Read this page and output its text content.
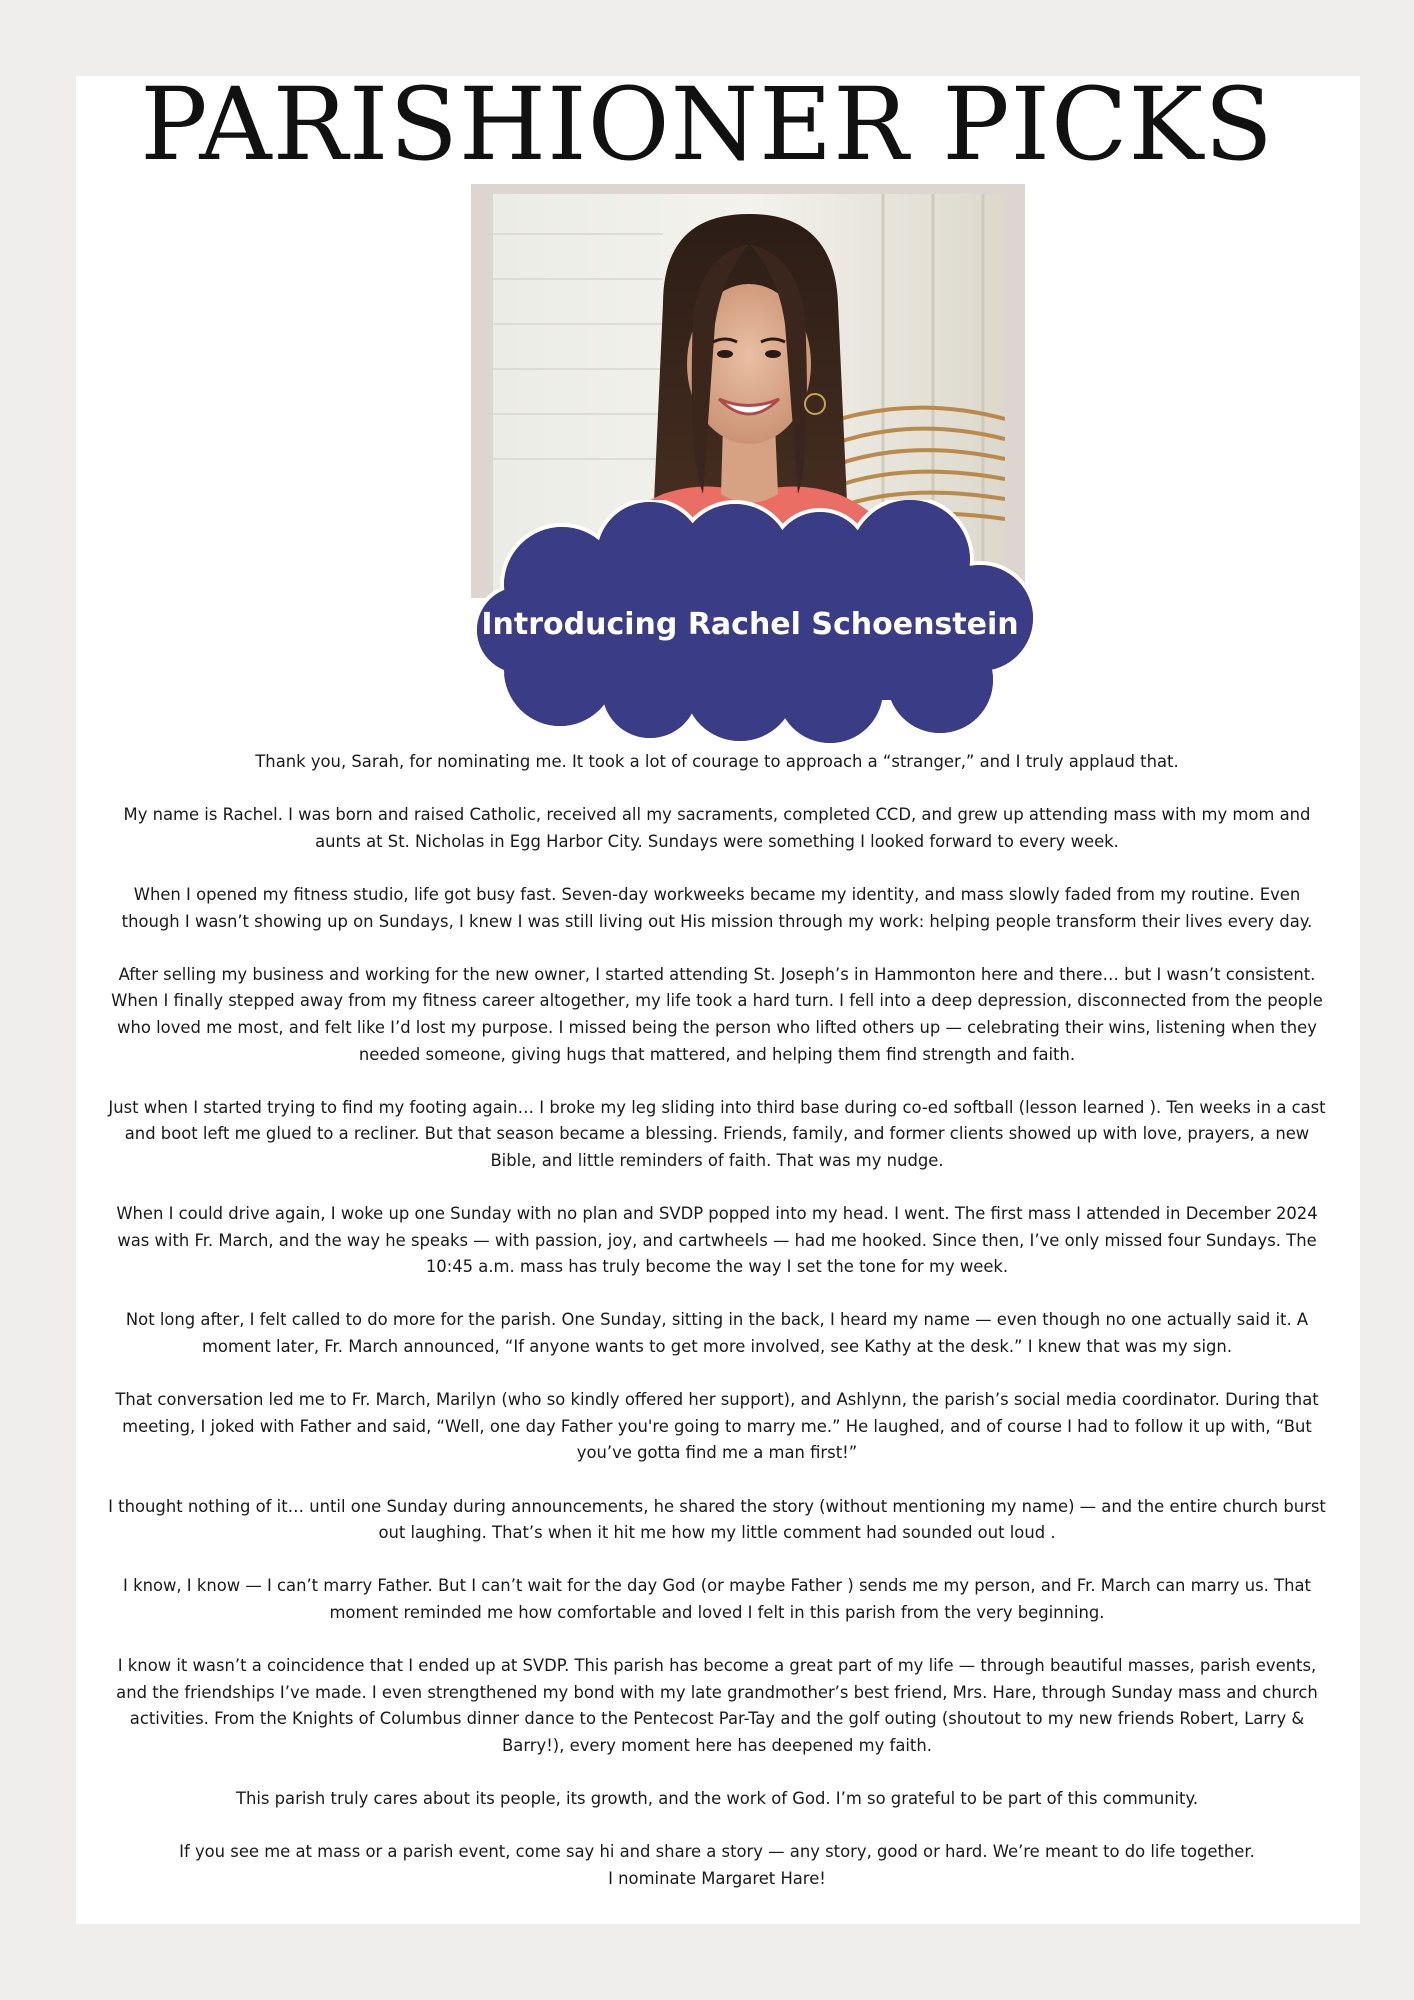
PARISHIONER PICKS
Introducing Rachel Schoenstein

Thank you, Sarah, for nominating me. It took a lot of courage to approach a “stranger,” and I truly applaud that.

My name is Rachel. I was born and raised Catholic, received all my sacraments, completed CCD, and grew up attending mass with my mom and aunts at St. Nicholas in Egg Harbor City. Sundays were something I looked forward to every week.

When I opened my fitness studio, life got busy fast. Seven-day workweeks became my identity, and mass slowly faded from my routine. Even though I wasn’t showing up on Sundays, I knew I was still living out His mission through my work: helping people transform their lives every day.

After selling my business and working for the new owner, I started attending St. Joseph’s in Hammonton here and there… but I wasn’t consistent. When I finally stepped away from my fitness career altogether, my life took a hard turn. I fell into a deep depression, disconnected from the people who loved me most, and felt like I’d lost my purpose. I missed being the person who lifted others up — celebrating their wins, listening when they needed someone, giving hugs that mattered, and helping them find strength and faith.

Just when I started trying to find my footing again… I broke my leg sliding into third base during co-ed softball (lesson learned ). Ten weeks in a cast and boot left me glued to a recliner. But that season became a blessing. Friends, family, and former clients showed up with love, prayers, a new Bible, and little reminders of faith. That was my nudge.

When I could drive again, I woke up one Sunday with no plan and SVDP popped into my head. I went. The first mass I attended in December 2024 was with Fr. March, and the way he speaks — with passion, joy, and cartwheels — had me hooked. Since then, I’ve only missed four Sundays. The 10:45 a.m. mass has truly become the way I set the tone for my week.

Not long after, I felt called to do more for the parish. One Sunday, sitting in the back, I heard my name — even though no one actually said it. A moment later, Fr. March announced, “If anyone wants to get more involved, see Kathy at the desk.” I knew that was my sign.

That conversation led me to Fr. March, Marilyn (who so kindly offered her support), and Ashlynn, the parish’s social media coordinator. During that meeting, I joked with Father and said, “Well, one day Father you're going to marry me.” He laughed, and of course I had to follow it up with, “But you’ve gotta find me a man first!”

I thought nothing of it… until one Sunday during announcements, he shared the story (without mentioning my name) — and the entire church burst out laughing. That’s when it hit me how my little comment had sounded out loud .

I know, I know — I can’t marry Father. But I can’t wait for the day God (or maybe Father ) sends me my person, and Fr. March can marry us. That moment reminded me how comfortable and loved I felt in this parish from the very beginning.

I know it wasn’t a coincidence that I ended up at SVDP. This parish has become a great part of my life — through beautiful masses, parish events, and the friendships I’ve made. I even strengthened my bond with my late grandmother’s best friend, Mrs. Hare, through Sunday mass and church activities. From the Knights of Columbus dinner dance to the Pentecost Par-Tay and the golf outing (shoutout to my new friends Robert, Larry & Barry!), every moment here has deepened my faith.

This parish truly cares about its people, its growth, and the work of God. I’m so grateful to be part of this community.

If you see me at mass or a parish event, come say hi and share a story — any story, good or hard. We’re meant to do life together.
I nominate Margaret Hare!
